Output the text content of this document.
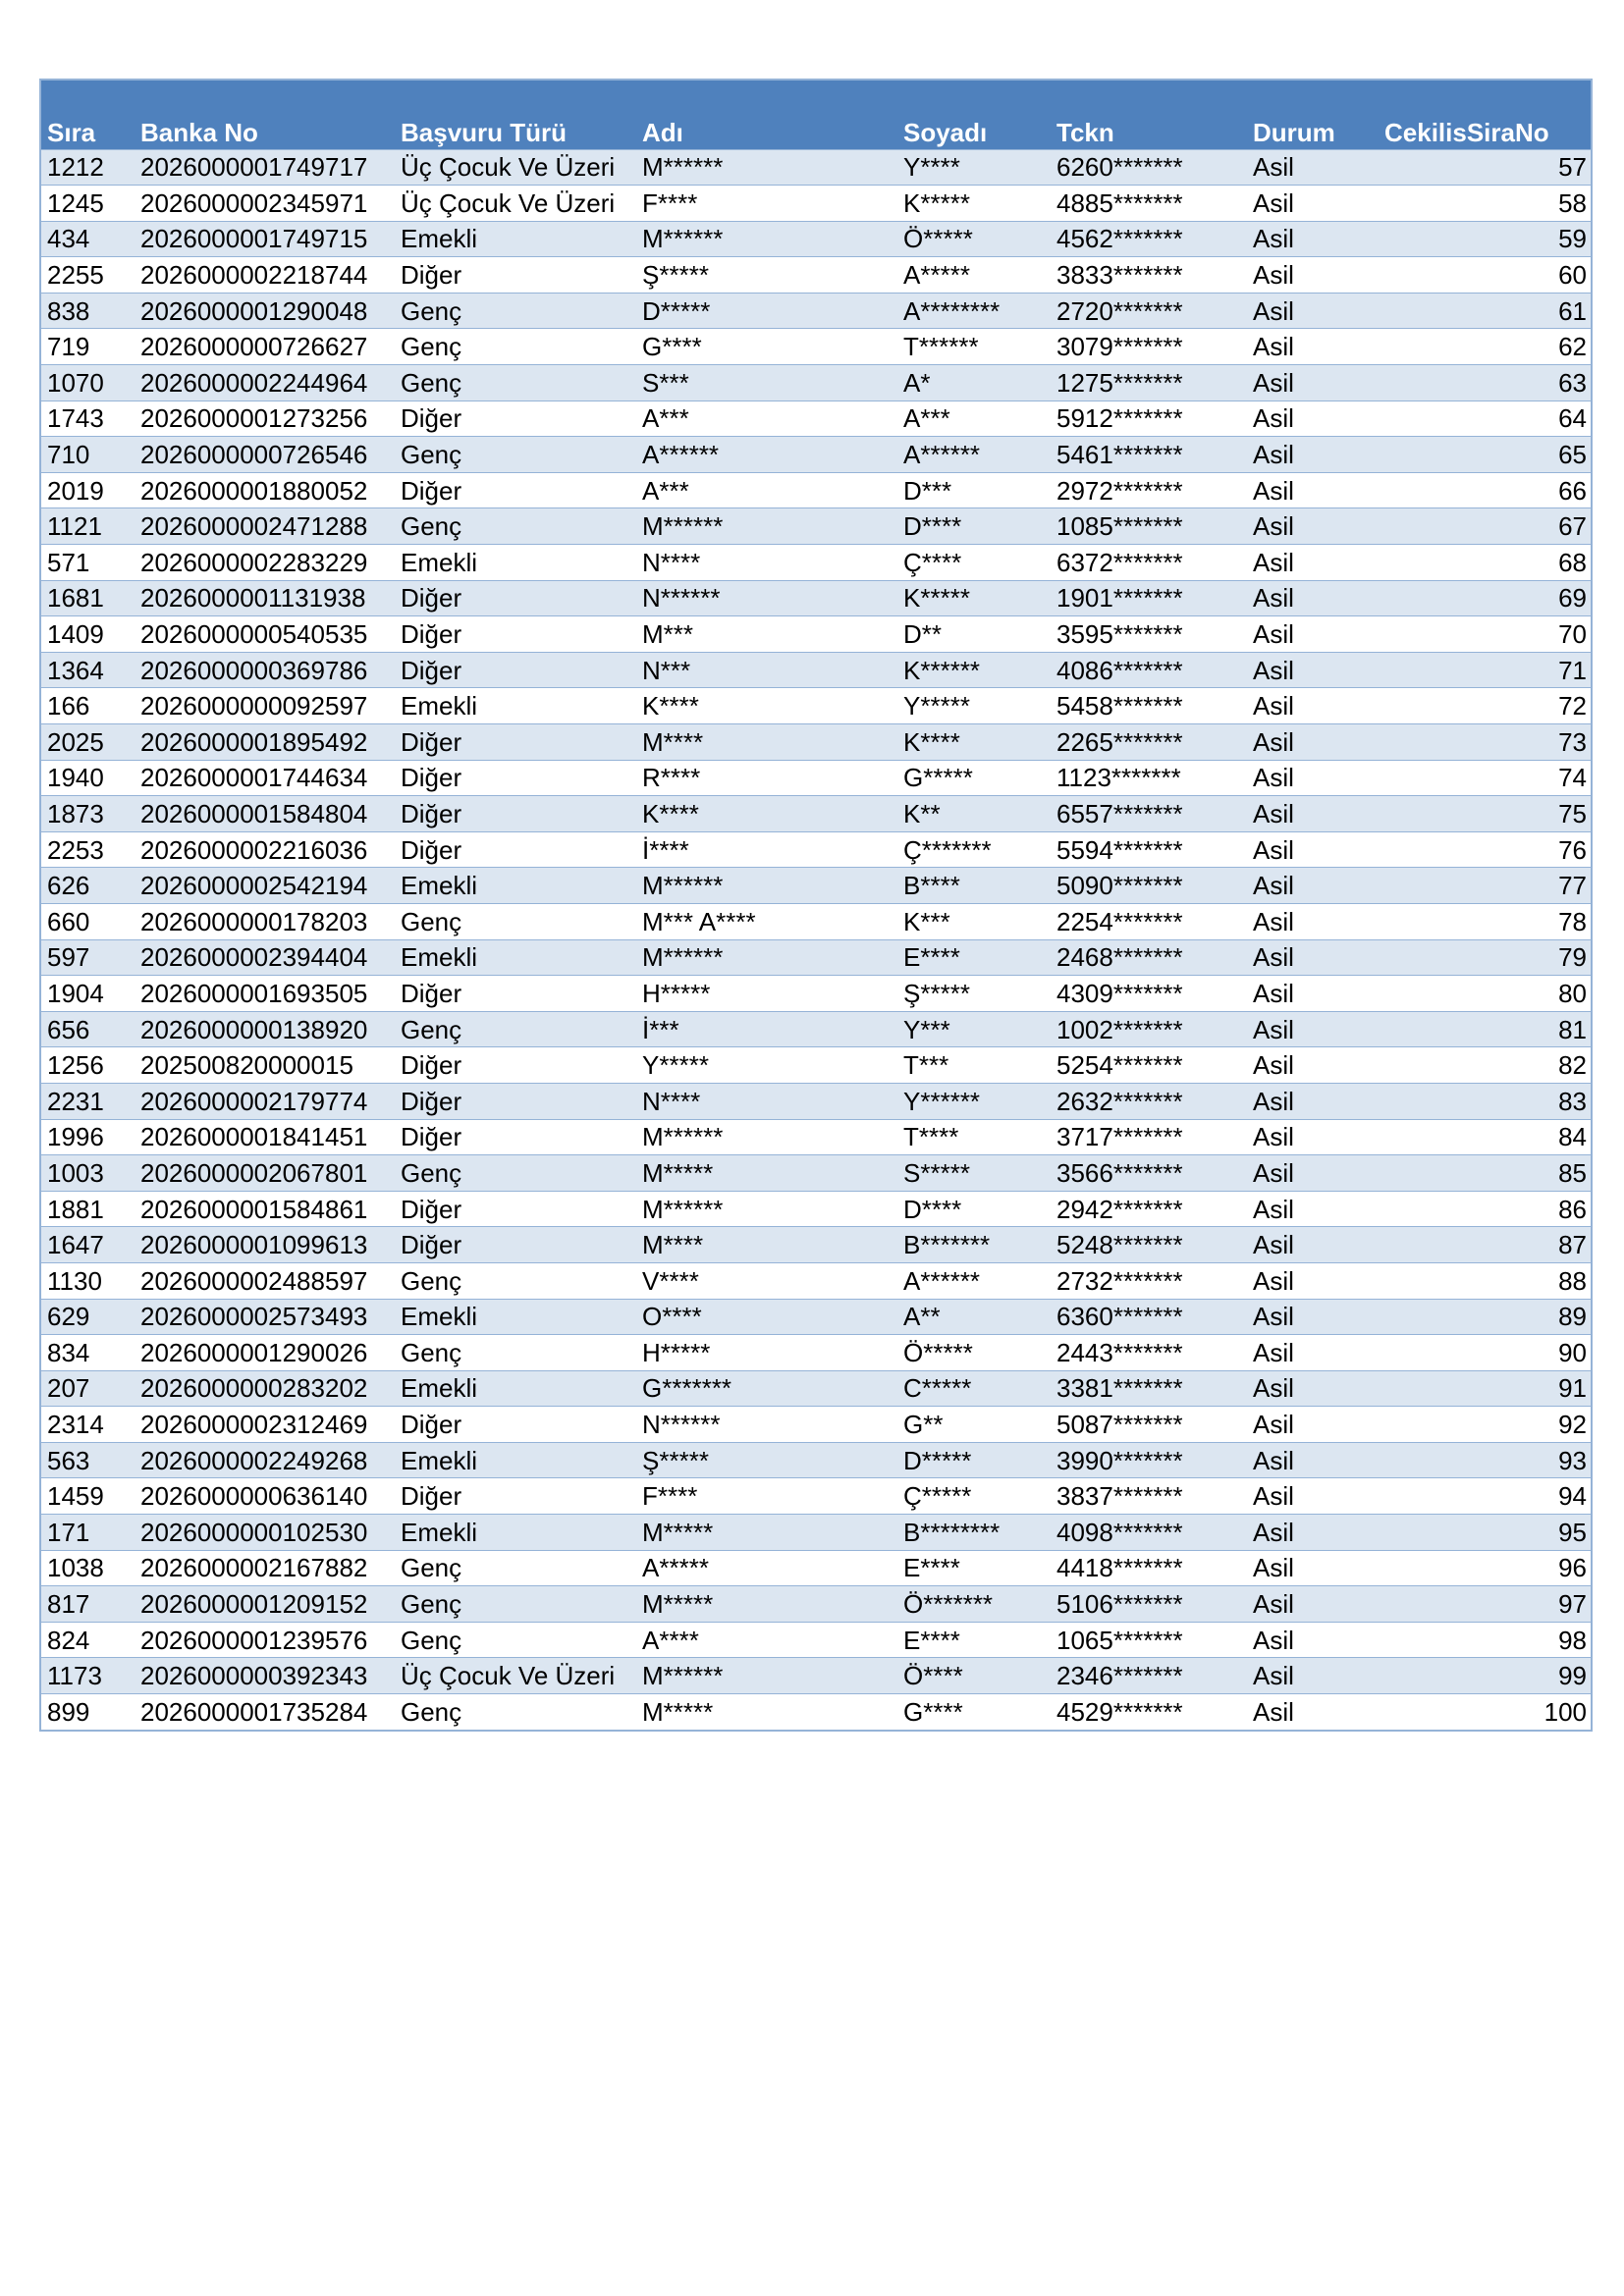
Sıra	Banka No	Başvuru Türü	Adı	Soyadı	Tckn	Durum	CekilisSiraNo
1212	2026000001749717	Üç Çocuk Ve Üzeri	M******	Y****	6260*******	Asil	57
1245	2026000002345971	Üç Çocuk Ve Üzeri	F****	K*****	4885*******	Asil	58
434	2026000001749715	Emekli	M******	Ö*****	4562*******	Asil	59
2255	2026000002218744	Diğer	Ş*****	A*****	3833*******	Asil	60
838	2026000001290048	Genç	D*****	A********	2720*******	Asil	61
719	2026000000726627	Genç	G****	T******	3079*******	Asil	62
1070	2026000002244964	Genç	S***	A*	1275*******	Asil	63
1743	2026000001273256	Diğer	A***	A***	5912*******	Asil	64
710	2026000000726546	Genç	A******	A******	5461*******	Asil	65
2019	2026000001880052	Diğer	A***	D***	2972*******	Asil	66
1121	2026000002471288	Genç	M******	D****	1085*******	Asil	67
571	2026000002283229	Emekli	N****	Ç****	6372*******	Asil	68
1681	2026000001131938	Diğer	N******	K*****	1901*******	Asil	69
1409	2026000000540535	Diğer	M***	D**	3595*******	Asil	70
1364	2026000000369786	Diğer	N***	K******	4086*******	Asil	71
166	2026000000092597	Emekli	K****	Y*****	5458*******	Asil	72
2025	2026000001895492	Diğer	M****	K****	2265*******	Asil	73
1940	2026000001744634	Diğer	R****	G*****	1123*******	Asil	74
1873	2026000001584804	Diğer	K****	K**	6557*******	Asil	75
2253	2026000002216036	Diğer	İ****	Ç*******	5594*******	Asil	76
626	2026000002542194	Emekli	M******	B****	5090*******	Asil	77
660	2026000000178203	Genç	M*** A****	K***	2254*******	Asil	78
597	2026000002394404	Emekli	M******	E****	2468*******	Asil	79
1904	2026000001693505	Diğer	H*****	Ş*****	4309*******	Asil	80
656	2026000000138920	Genç	İ***	Y***	1002*******	Asil	81
1256	202500820000015	Diğer	Y*****	T***	5254*******	Asil	82
2231	2026000002179774	Diğer	N****	Y******	2632*******	Asil	83
1996	2026000001841451	Diğer	M******	T****	3717*******	Asil	84
1003	2026000002067801	Genç	M*****	S*****	3566*******	Asil	85
1881	2026000001584861	Diğer	M******	D****	2942*******	Asil	86
1647	2026000001099613	Diğer	M****	B*******	5248*******	Asil	87
1130	2026000002488597	Genç	V****	A******	2732*******	Asil	88
629	2026000002573493	Emekli	O****	A**	6360*******	Asil	89
834	2026000001290026	Genç	H*****	Ö*****	2443*******	Asil	90
207	2026000000283202	Emekli	G*******	C*****	3381*******	Asil	91
2314	2026000002312469	Diğer	N******	G**	5087*******	Asil	92
563	2026000002249268	Emekli	Ş*****	D*****	3990*******	Asil	93
1459	2026000000636140	Diğer	F****	Ç*****	3837*******	Asil	94
171	2026000000102530	Emekli	M*****	B********	4098*******	Asil	95
1038	2026000002167882	Genç	A*****	E****	4418*******	Asil	96
817	2026000001209152	Genç	M*****	Ö*******	5106*******	Asil	97
824	2026000001239576	Genç	A****	E****	1065*******	Asil	98
1173	2026000000392343	Üç Çocuk Ve Üzeri	M******	Ö****	2346*******	Asil	99
899	2026000001735284	Genç	M*****	G****	4529*******	Asil	100
